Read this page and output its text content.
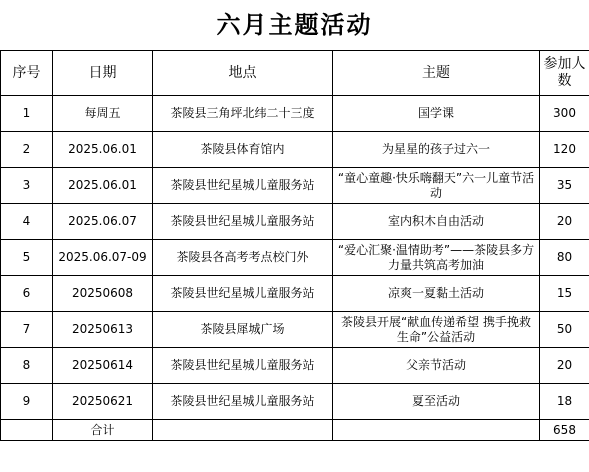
六月主题活动
序号	日期	地点	主题	参加人数
1	每周五	茶陵县三角坪北纬二十三度	国学课	300
2	2025.06.01	茶陵县体育馆内	为星星的孩子过六一	120
3	2025.06.01	茶陵县世纪星城儿童服务站	“童心童趣·快乐嗨翻天”六一儿童节活动	35
4	2025.06.07	茶陵县世纪星城儿童服务站	室内积木自由活动	20
5	2025.06.07-09	茶陵县各高考考点校门外	“爱心汇聚·温情助考”——茶陵县多方力量共筑高考加油	80
6	20250608	茶陵县世纪星城儿童服务站	凉爽一夏黏土活动	15
7	20250613	茶陵县犀城广场	茶陵县开展“献血传递希望 携手挽救生命”公益活动	50
8	20250614	茶陵县世纪星城儿童服务站	父亲节活动	20
9	20250621	茶陵县世纪星城儿童服务站	夏至活动	18
	合计			658
